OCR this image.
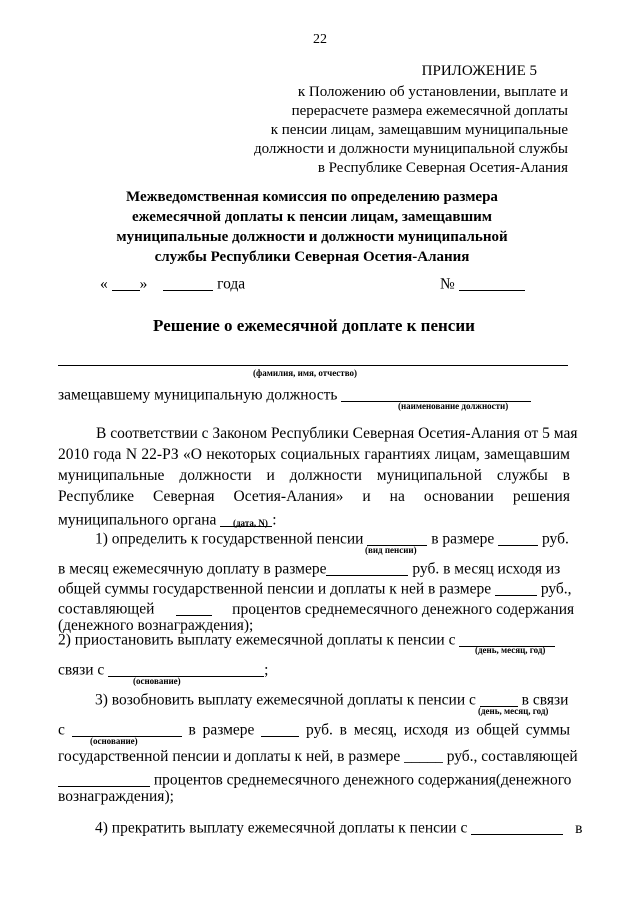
22
ПРИЛОЖЕНИЕ 5
к Положению об установлении, выплате и
перерасчете размера ежемесячной доплаты
к пенсии лицам, замещавшим муниципальные
должности и должности муниципальной службы
в Республике Северная Осетия-Алания
Межведомственная комиссия по определению размера
ежемесячной доплаты к пенсии лицам, замещавшим
муниципальные должности и должности муниципальной
службы Республики Северная Осетия-Алания
« »	года	№
Решение о ежемесячной доплате к пенсии
(фамилия, имя, отчество)
замещавшему муниципальную должность
(наименование должности)
В соответствии с Законом Республики Северная Осетия-Алания от 5 мая
2010 года N 22-РЗ «О некоторых социальных гарантиях лицам, замещавшим
муниципальные должности и должности муниципальной службы в
Республике Северная Осетия-Алания» и на основании решения
муниципального органа	:
(дата, N)
1) определить к государственной пенсии	в размере	руб.
(вид пенсии)
в месяц ежемесячную доплату в размере	руб. в месяц исходя из
общей суммы государственной пенсии и доплаты к ней в размере	руб.,
составляющей	процентов среднемесячного денежного содержания
(денежного вознаграждения);
2) приостановить выплату ежемесячной доплаты к пенсии с
(день, месяц, год)
связи с	;
(основание)
3) возобновить выплату ежемесячной доплаты к пенсии с	в связи
(день, месяц, год)
с	в размере	руб. в месяц, исходя из общей суммы
(основание)
государственной пенсии и доплаты к ней, в размере _____ руб., составляющей
процентов среднемесячного денежного содержания(денежного
вознаграждения);
4) прекратить выплату ежемесячной доплаты к пенсии с	в
